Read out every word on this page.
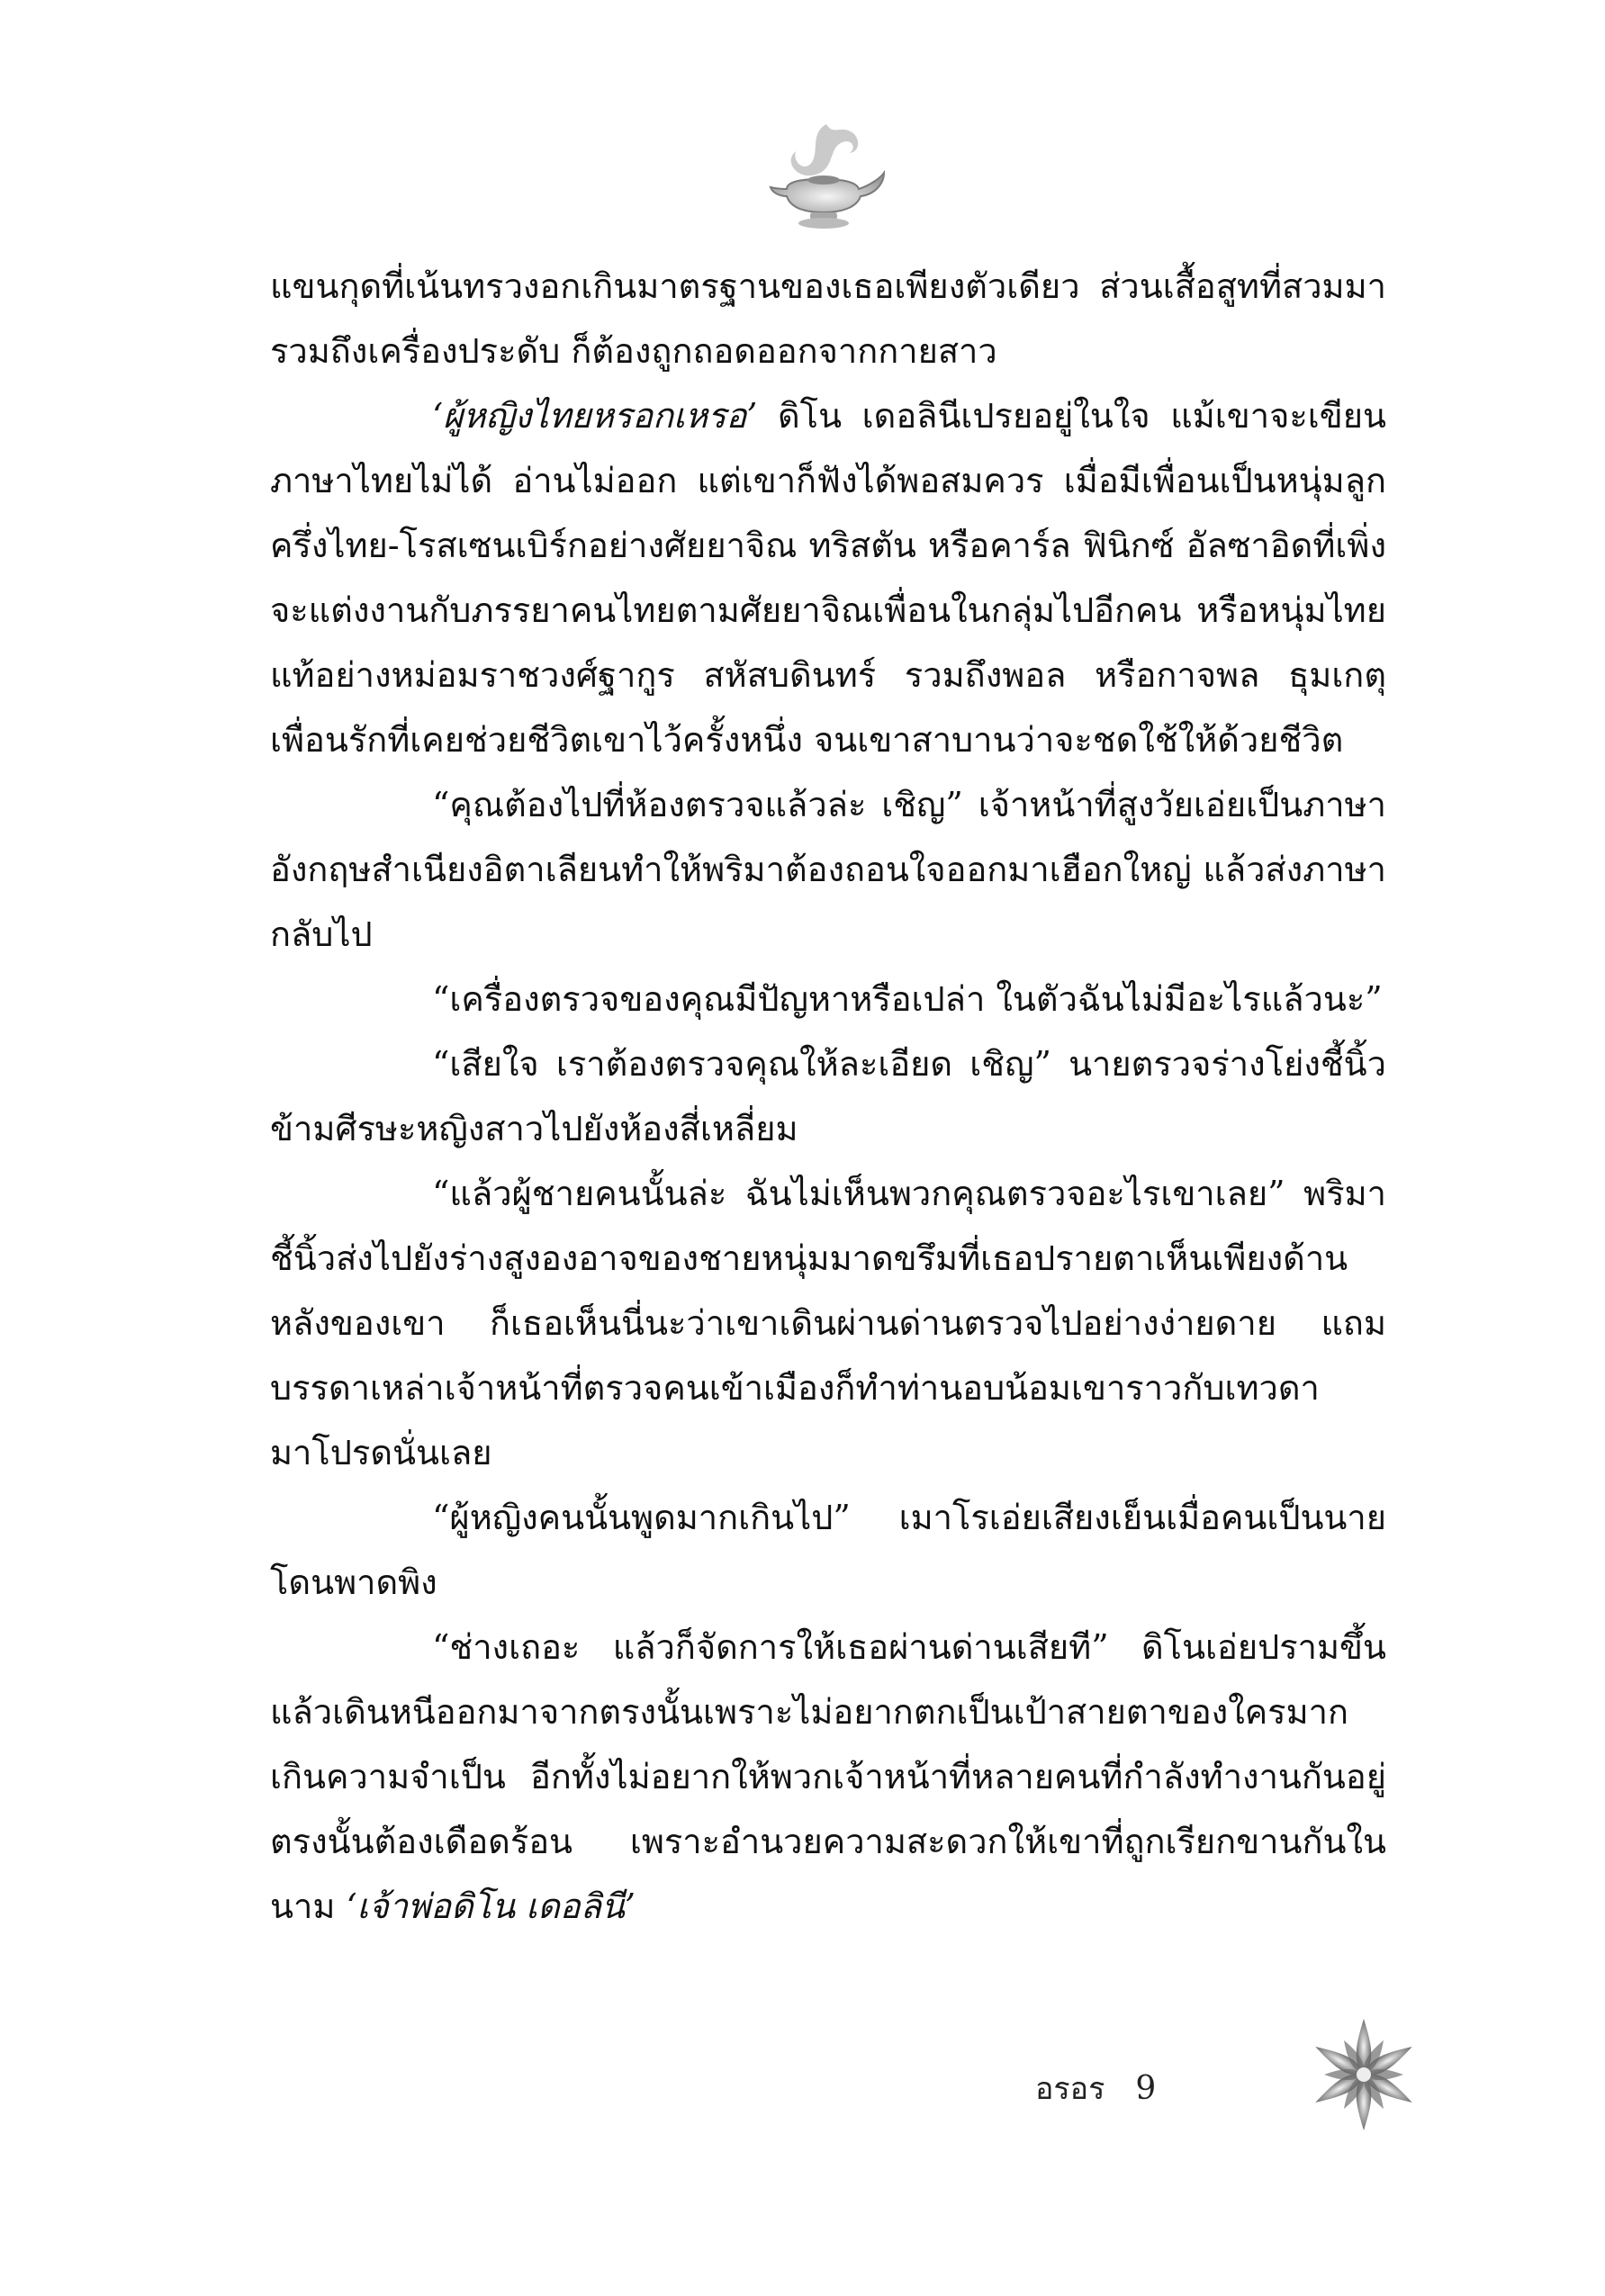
แขนกุดที่เน้นทรวงอกเกินมาตรฐานของเธอเพียงตัวเดียว ส่วนเสื้อสูทที่สวมมา รวมถึงเครื่องประดับ ก็ต้องถูกถอดออกจากกายสาว

‘ผู้หญิงไทยหรอกเหรอ’ ดิโน เดอลินีเปรยอยู่ในใจ แม้เขาจะเขียนภาษาไทยไม่ได้ อ่านไม่ออก แต่เขาก็ฟังได้พอสมควร เมื่อมีเพื่อนเป็นหนุ่มลูกครึ่งไทย-โรสเซนเบิร์กอย่างศัยยาจิณ ทริสตัน หรือคาร์ล ฟินิกซ์ อัลซาอิดที่เพิ่งจะแต่งงานกับภรรยาคนไทยตามศัยยาจิณเพื่อนในกลุ่มไปอีกคน หรือหนุ่มไทยแท้อย่างหม่อมราชวงศ์ฐากูร สหัสบดินทร์ รวมถึงพอล หรือกาจพล ธุมเกตุ เพื่อนรักที่เคยช่วยชีวิตเขาไว้ครั้งหนึ่ง จนเขาสาบานว่าจะชดใช้ให้ด้วยชีวิต

“คุณต้องไปที่ห้องตรวจแล้วล่ะ เชิญ” เจ้าหน้าที่สูงวัยเอ่ยเป็นภาษาอังกฤษสำเนียงอิตาเลียนทำให้พริมาต้องถอนใจออกมาเฮือกใหญ่ แล้วส่งภาษากลับไป

“เครื่องตรวจของคุณมีปัญหาหรือเปล่า ในตัวฉันไม่มีอะไรแล้วนะ”

“เสียใจ เราต้องตรวจคุณให้ละเอียด เชิญ” นายตรวจร่างโย่งชี้นิ้วข้ามศีรษะหญิงสาวไปยังห้องสี่เหลี่ยม

“แล้วผู้ชายคนนั้นล่ะ ฉันไม่เห็นพวกคุณตรวจอะไรเขาเลย” พริมาชี้นิ้วส่งไปยังร่างสูงองอาจของชายหนุ่มมาดขรึมที่เธอปรายตาเห็นเพียงด้านหลังของเขา ก็เธอเห็นนี่นะว่าเขาเดินผ่านด่านตรวจไปอย่างง่ายดาย แถมบรรดาเหล่าเจ้าหน้าที่ตรวจคนเข้าเมืองก็ทำท่านอบน้อมเขาราวกับเทวดามาโปรดนั่นเลย

“ผู้หญิงคนนั้นพูดมากเกินไป” เมาโรเอ่ยเสียงเย็นเมื่อคนเป็นนายโดนพาดพิง

“ช่างเถอะ แล้วก็จัดการให้เธอผ่านด่านเสียที” ดิโนเอ่ยปรามขึ้นแล้วเดินหนีออกมาจากตรงนั้นเพราะไม่อยากตกเป็นเป้าสายตาของใครมากเกินความจำเป็น อีกทั้งไม่อยากให้พวกเจ้าหน้าที่หลายคนที่กำลังทำงานกันอยู่ตรงนั้นต้องเดือดร้อน เพราะอำนวยความสะดวกให้เขาที่ถูกเรียกขานกันในนาม ‘เจ้าพ่อดิโน เดอลินี’

อรอร 9
